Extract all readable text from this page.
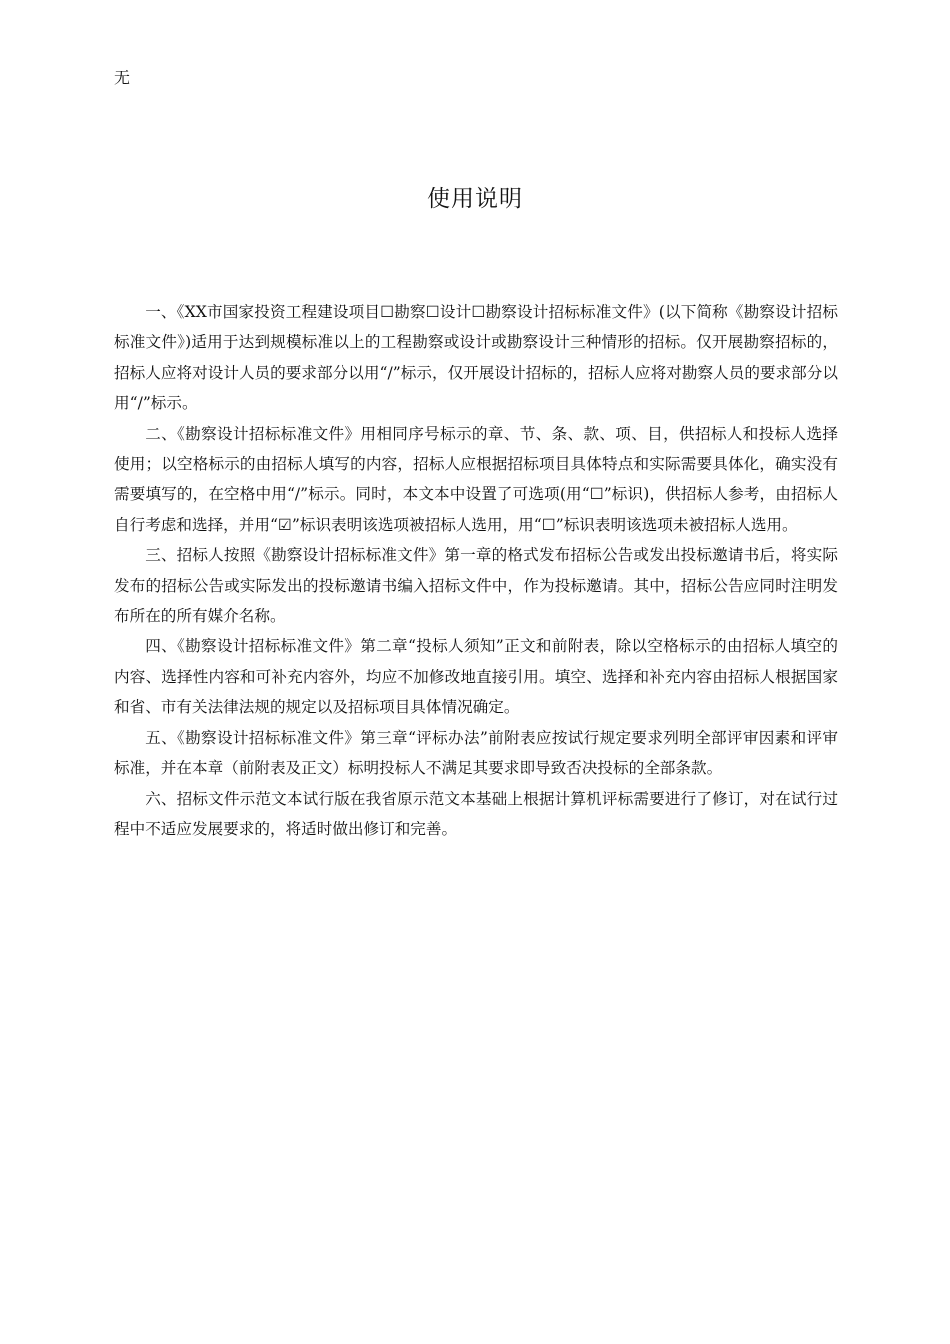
无
使用说明

一、《XX市国家投资工程建设项目☐勘察☐设计☐勘察设计招标标准文件》(以下简称《勘察设计招标标准文件》)适用于达到规模标准以上的工程勘察或设计或勘察设计三种情形的招标。仅开展勘察招标的，招标人应将对设计人员的要求部分以用“/”标示，仅开展设计招标的，招标人应将对勘察人员的要求部分以用“/”标示。

二、《勘察设计招标标准文件》用相同序号标示的章、节、条、款、项、目，供招标人和投标人选择使用；以空格标示的由招标人填写的内容，招标人应根据招标项目具体特点和实际需要具体化，确实没有需要填写的，在空格中用“/”标示。同时，本文本中设置了可选项(用“☐”标识)，供招标人参考，由招标人自行考虑和选择，并用“☑”标识表明该选项被招标人选用，用“☐”标识表明该选项未被招标人选用。

三、招标人按照《勘察设计招标标准文件》第一章的格式发布招标公告或发出投标邀请书后，将实际发布的招标公告或实际发出的投标邀请书编入招标文件中，作为投标邀请。其中，招标公告应同时注明发布所在的所有媒介名称。

四、《勘察设计招标标准文件》第二章“投标人须知”正文和前附表，除以空格标示的由招标人填空的内容、选择性内容和可补充内容外，均应不加修改地直接引用。填空、选择和补充内容由招标人根据国家和省、市有关法律法规的规定以及招标项目具体情况确定。

五、《勘察设计招标标准文件》第三章“评标办法”前附表应按试行规定要求列明全部评审因素和评审标准，并在本章（前附表及正文）标明投标人不满足其要求即导致否决投标的全部条款。

六、招标文件示范文本试行版在我省原示范文本基础上根据计算机评标需要进行了修订，对在试行过程中不适应发展要求的，将适时做出修订和完善。
